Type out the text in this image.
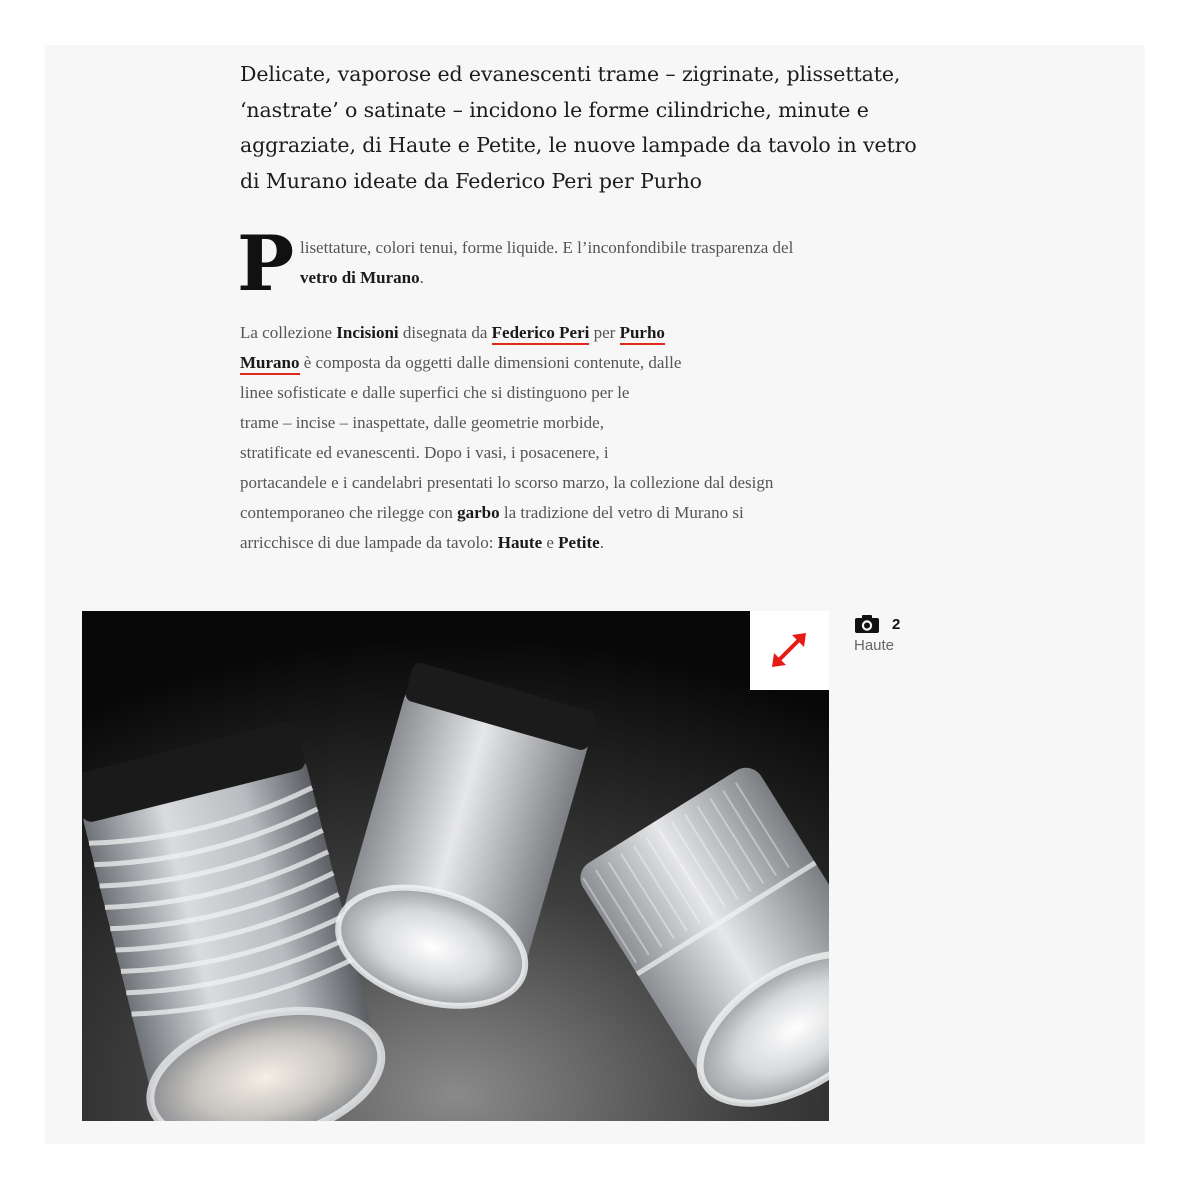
Delicate, vaporose ed evanescenti trame – zigrinate, plissettate, ‘nastrate’ o satinate – incidono le forme cilindriche, minute e aggraziate, di Haute e Petite, le nuove lampade da tavolo in vetro di Murano ideate da Federico Peri per Purho

P lisettature, colori tenui, forme liquide. E l’inconfondibile trasparenza del vetro di Murano.
La collezione Incisioni disegnata da Federico Peri per Purho
Murano è composta da oggetti dalle dimensioni contenute, dalle
linee sofisticate e dalle superfici che si distinguono per le
trame – incise – inaspettate, dalle geometrie morbide,
stratificate ed evanescenti. Dopo i vasi, i posacenere, i
portacandele e i candelabri presentati lo scorso marzo, la collezione dal design
contemporaneo che rilegge con garbo la tradizione del vetro di Murano si
arricchisce di due lampade da tavolo: Haute e Petite.
2
Haute
